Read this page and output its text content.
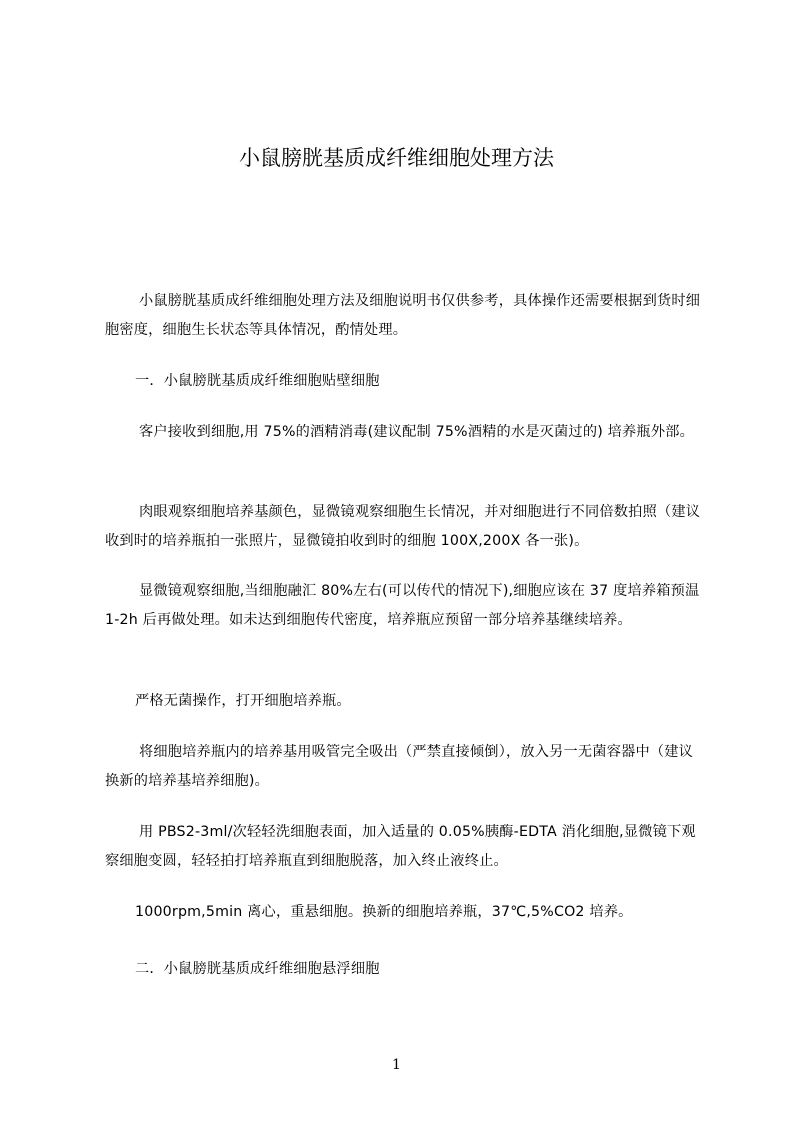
小鼠膀胱基质成纤维细胞处理方法

小鼠膀胱基质成纤维细胞处理方法及细胞说明书仅供参考，具体操作还需要根据到货时细胞密度，细胞生长状态等具体情况，酌情处理。

一．小鼠膀胱基质成纤维细胞贴壁细胞

客户接收到细胞,用 75%的酒精消毒(建议配制 75%酒精的水是灭菌过的) 培养瓶外部。

肉眼观察细胞培养基颜色，显微镜观察细胞生长情况，并对细胞进行不同倍数拍照（建议收到时的培养瓶拍一张照片，显微镜拍收到时的细胞 100X,200X 各一张)。

显微镜观察细胞,当细胞融汇 80%左右(可以传代的情况下),细胞应该在 37 度培养箱预温 1-2h 后再做处理。如未达到细胞传代密度，培养瓶应预留一部分培养基继续培养。

严格无菌操作，打开细胞培养瓶。

将细胞培养瓶内的培养基用吸管完全吸出（严禁直接倾倒），放入另一无菌容器中（建议换新的培养基培养细胞)。

用 PBS2-3ml/次轻轻洗细胞表面，加入适量的 0.05%胰酶-EDTA 消化细胞,显微镜下观察细胞变圆，轻轻拍打培养瓶直到细胞脱落，加入终止液终止。

1000rpm,5min 离心，重悬细胞。换新的细胞培养瓶，37℃,5%CO2 培养。

二．小鼠膀胱基质成纤维细胞悬浮细胞

1
